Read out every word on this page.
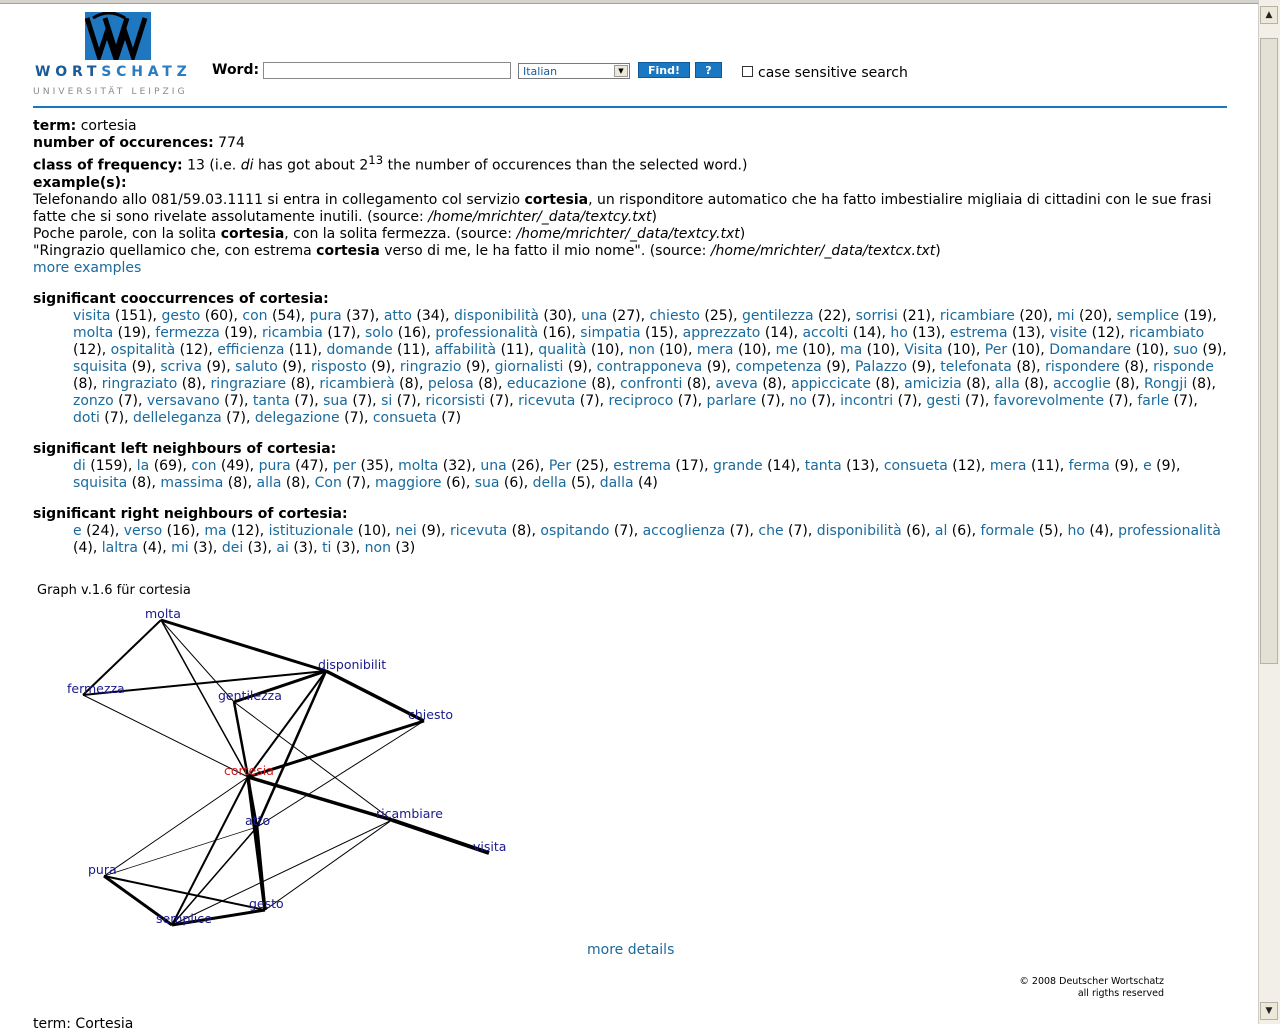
▲
▼
WORTSCHATZ
UNIVERSITÄT LEIPZIG
Word:	Italian	▼	Find!	?	case sensitive search
term: cortesia
number of occurences: 774
class of frequency: 13 (i.e. di has got about $2^{13}$ the number of occurences than the selected word.)
example(s):
Telefonando allo 081/59.03.1111 si entra in collegamento col servizio cortesia, un risponditore automatico che ha fatto imbestialire migliaia di cittadini con le sue frasi fatte che si sono rivelate assolutamente inutili. (source: /home/mrichter/_data/textcy.txt)
Poche parole, con la solita cortesia, con la solita fermezza. (source: /home/mrichter/_data/textcy.txt)
"Ringrazio quellamico che, con estrema cortesia verso di me, le ha fatto il mio nome". (source: /home/mrichter/_data/textcx.txt)
more examples
significant cooccurrences of cortesia:
visita (151), gesto (60), con (54), pura (37), atto (34), disponibilità (30), una (27), chiesto (25), gentilezza (22), sorrisi (21), ricambiare (20), mi (20), semplice (19), molta (19), fermezza (19), ricambia (17), solo (16), professionalità (16), simpatia (15), apprezzato (14), accolti (14), ho (13), estrema (13), visite (12), ricambiato (12), ospitalità (12), efficienza (11), domande (11), affabilità (11), qualità (10), non (10), mera (10), me (10), ma (10), Visita (10), Per (10), Domandare (10), suo (9), squisita (9), scriva (9), saluto (9), risposto (9), ringrazio (9), giornalisti (9), contrapponeva (9), competenza (9), Palazzo (9), telefonata (8), rispondere (8), risponde (8), ringraziato (8), ringraziare (8), ricambierà (8), pelosa (8), educazione (8), confronti (8), aveva (8), appiccicate (8), amicizia (8), alla (8), accoglie (8), Rongji (8), zonzo (7), versavano (7), tanta (7), sua (7), si (7), ricorsisti (7), ricevuta (7), reciproco (7), parlare (7), no (7), incontri (7), gesti (7), favorevolmente (7), farle (7), doti (7), delleleganza (7), delegazione (7), consueta (7)
significant left neighbours of cortesia:
di (159), la (69), con (49), pura (47), per (35), molta (32), una (26), Per (25), estrema (17), grande (14), tanta (13), consueta (12), mera (11), ferma (9), e (9), squisita (8), massima (8), alla (8), Con (7), maggiore (6), sua (6), della (5), dalla (4)
significant right neighbours of cortesia:
e (24), verso (16), ma (12), istituzionale (10), nei (9), ricevuta (8), ospitando (7), accoglienza (7), che (7), disponibilità (6), al (6), formale (5), ho (4), professionalità (4), laltra (4), mi (3), dei (3), ai (3), ti (3), non (3)
Graph v.1.6 für cortesia
molta
disponibilit
fermezza	gentilezza
chiesto
cortesia
ricambiare
atto
visita
pura
semplice
gesto
more details
© 2008 Deutscher Wortschatz
all rigths reserved
term: Cortesia
